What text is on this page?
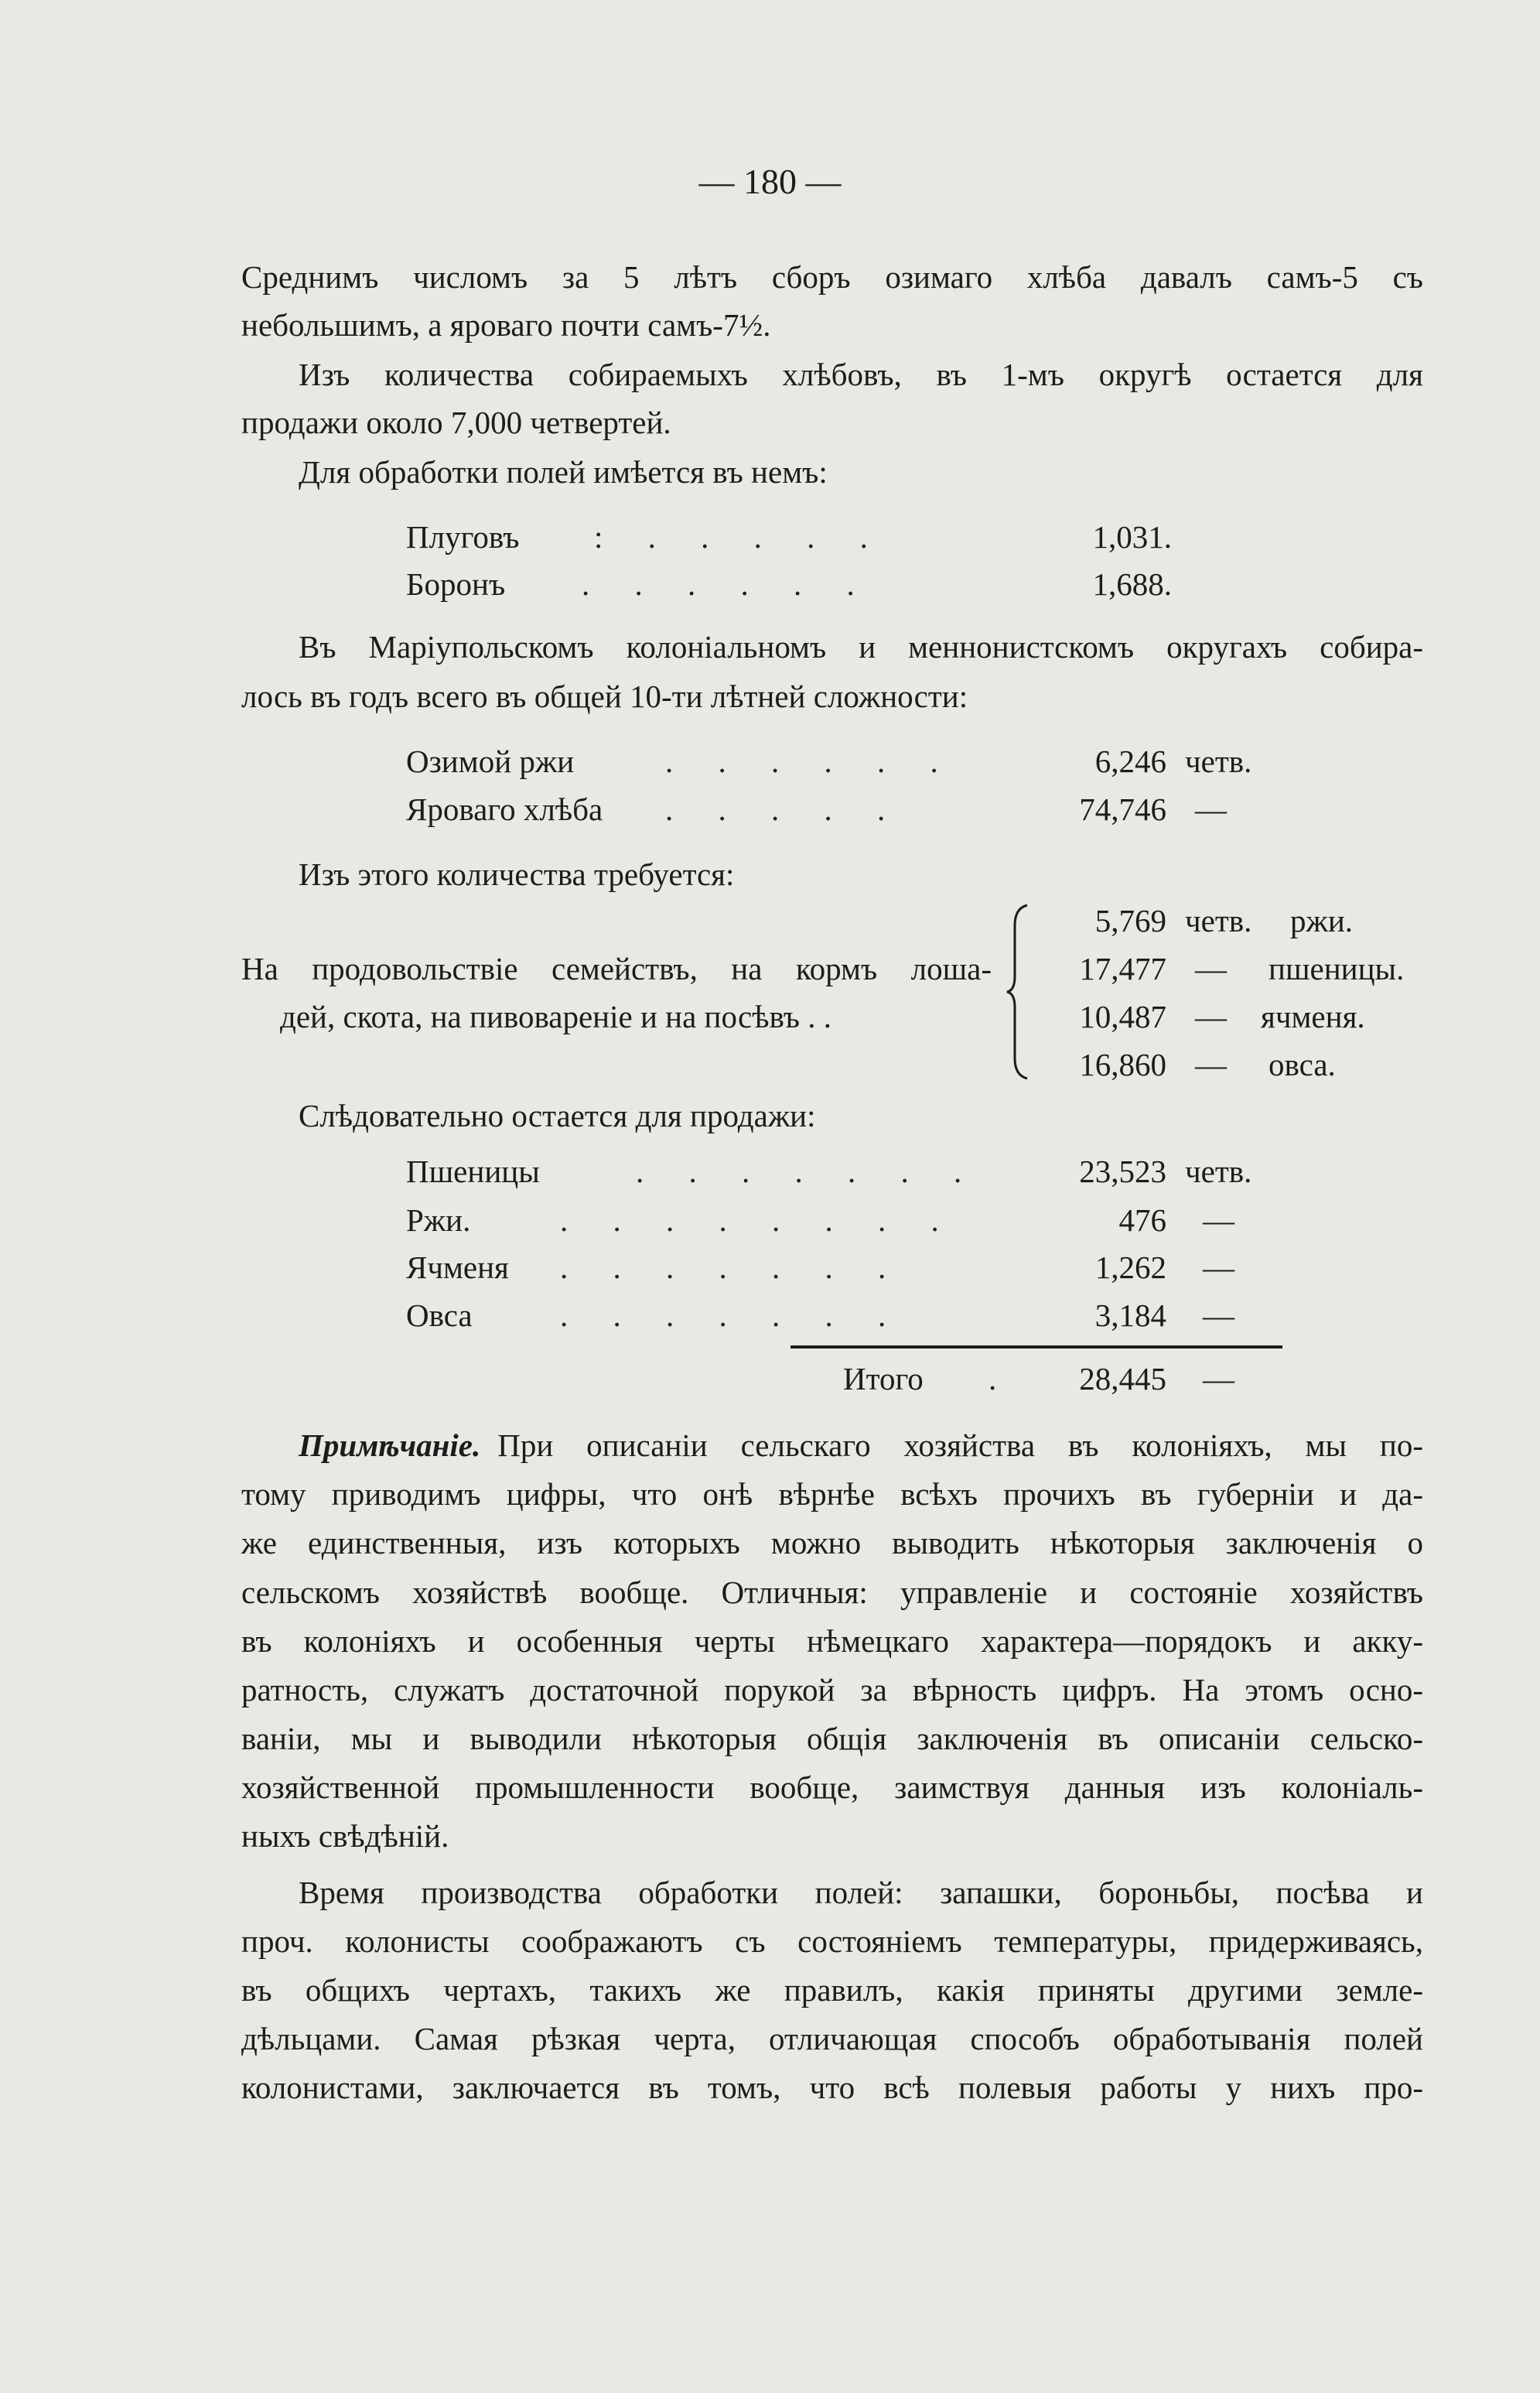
— 180 —
Среднимъ числомъ за 5 лѣтъ сборъ озимаго хлѣба давалъ самъ-5 съ
небольшимъ, а яроваго почти самъ-7½.
Изъ количества собираемыхъ хлѣбовъ, въ 1-мъ округѣ остается для
продажи около 7,000 четвертей.
Для обработки полей имѣется въ немъ:
Плуговъ : . . . . .	1,031.
Боронъ . . . . . .	1,688.
Въ Маріупольскомъ колоніальномъ и меннонистскомъ округахъ собира-
лось въ годъ всего въ общей 10-ти лѣтней сложности:
Озимой ржи	. . . . . .	6,246 четв.
Яроваго хлѣба . . . . .	74,746 —
Изъ этого количества требуется:
На продовольствіе семействъ, на кормъ лоша-
дей, скота, на пивовареніе и на посѣвъ . .
5,769 четв. ржи.
17,477 — пшеницы.
10,487 — ячменя.
16,860 — овса.
Слѣдовательно остается для продажи:
Пшеницы	. . . . . . .	23,523 четв.
Ржи.	. . . . . . . .	476 —
Ячменя . . . . . . .	1,262 —
Овса	. . . . . . .	3,184 —
Итого .	28,445 —
Примѣчаніе. При описаніи сельскаго хозяйства въ колоніяхъ, мы по-
тому приводимъ цифры, что онѣ вѣрнѣе всѣхъ прочихъ въ губерніи и да-
же единственныя, изъ которыхъ можно выводить нѣкоторыя заключенія о
сельскомъ хозяйствѣ вообще. Отличныя: управленіе и состояніе хозяйствъ
въ колоніяхъ и особенныя черты нѣмецкаго характера—порядокъ и акку-
ратность, служатъ достаточной порукой за вѣрность цифръ. На этомъ осно-
ваніи, мы и выводили нѣкоторыя общія заключенія въ описаніи сельско-
хозяйственной промышленности вообще, заимствуя данныя изъ колоніаль-
ныхъ свѣдѣній.
Время производства обработки полей: запашки, бороньбы, посѣва и
проч. колонисты соображаютъ съ состояніемъ температуры, придерживаясь,
въ общихъ чертахъ, такихъ же правилъ, какія приняты другими земле-
дѣльцами. Самая рѣзкая черта, отличающая способъ обработыванія полей
колонистами, заключается въ томъ, что всѣ полевыя работы у нихъ про-
